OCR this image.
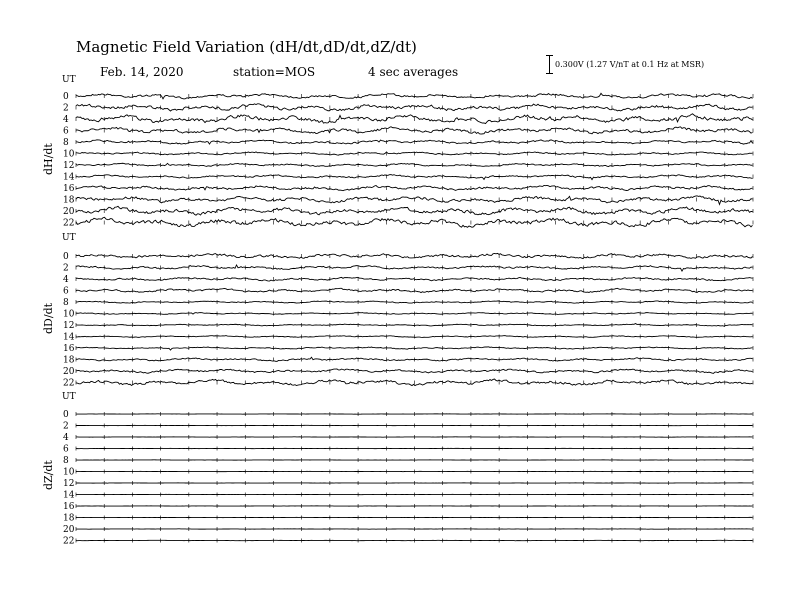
Magnetic Field Variation (dH/dt,dD/dt,dZ/dt)
Feb. 14, 2020	station=MOS	4 sec averages
0.300V (1.27 V/nT at 0.1 Hz at MSR)
UT
UT
UT
dH/dt
dD/dt
dZ/dt
0
2
4
6
8
10
12
14
16
18
20
22
0
2
4
6
8
10
12
14
16
18
20
22
0
2
4
6
8
10
12
14
16
18
20
22
